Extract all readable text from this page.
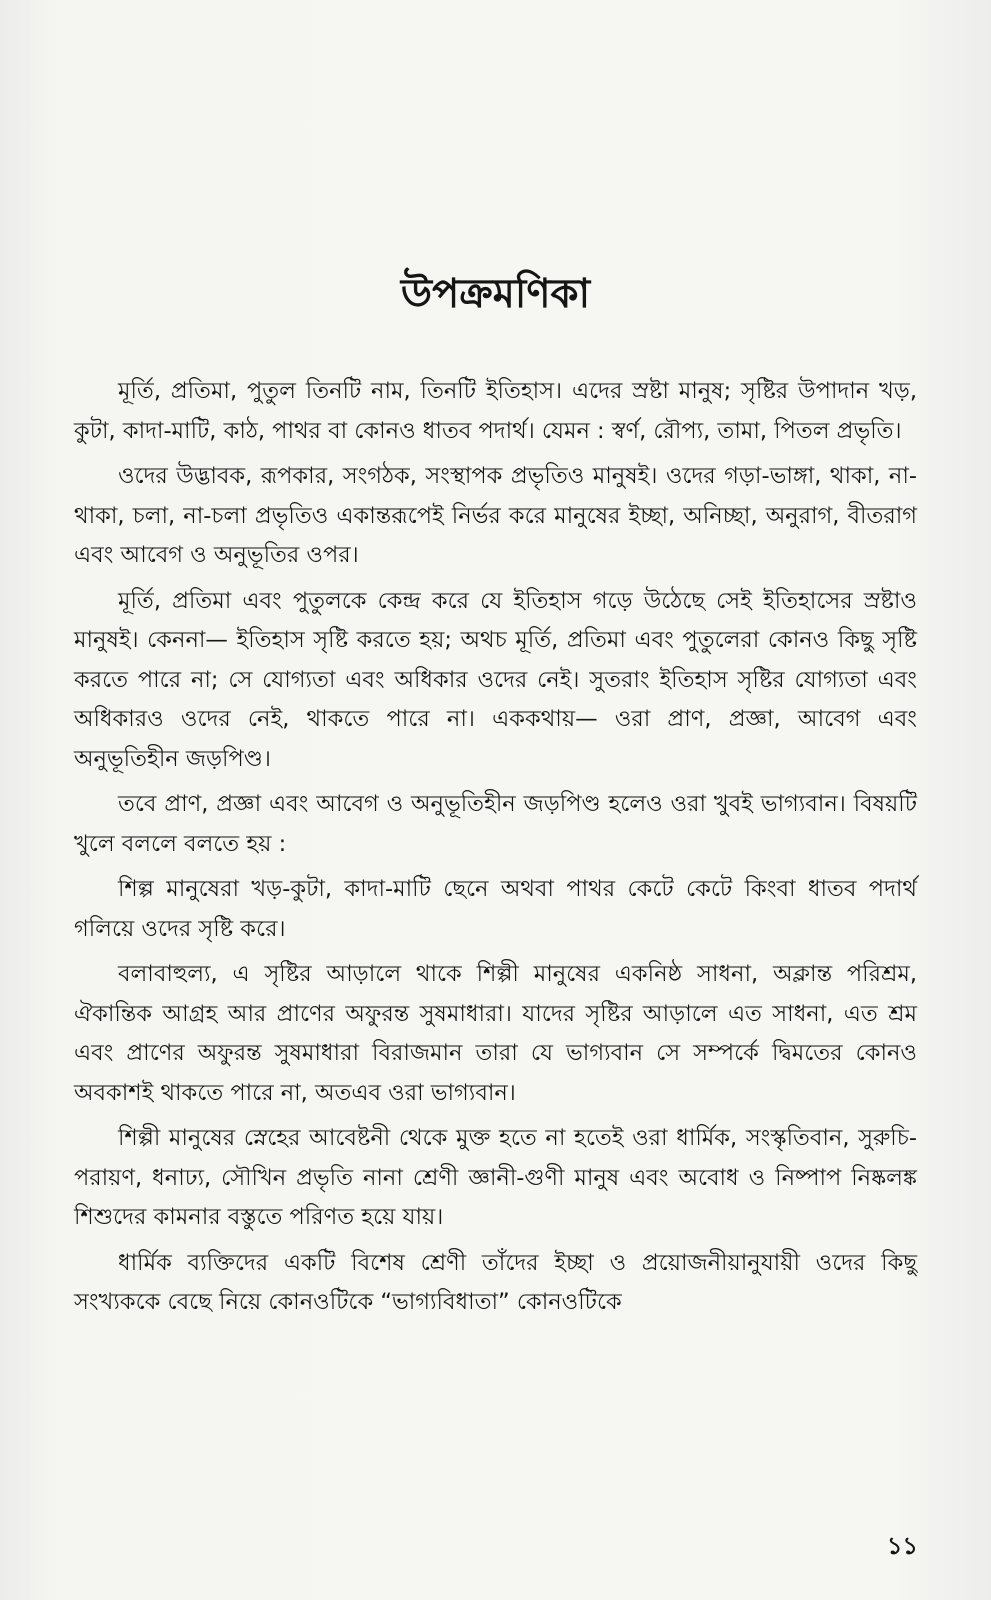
উপক্রমণিকা

মূর্তি, প্রতিমা, পুতুল তিনটি নাম, তিনটি ইতিহাস। এদের স্রষ্টা মানুষ; সৃষ্টির উপাদান খড়, কুটা, কাদা-মাটি, কাঠ, পাথর বা কোনও ধাতব পদার্থ। যেমন : স্বর্ণ, রৌপ্য, তামা, পিতল প্রভৃতি।

ওদের উদ্ভাবক, রূপকার, সংগঠক, সংস্থাপক প্রভৃতিও মানুষই। ওদের গড়া-ভাঙ্গা, থাকা, না-থাকা, চলা, না-চলা প্রভৃতিও একান্তরূপেই নির্ভর করে মানুষের ইচ্ছা, অনিচ্ছা, অনুরাগ, বীতরাগ এবং আবেগ ও অনুভূতির ওপর।

মূর্তি, প্রতিমা এবং পুতুলকে কেন্দ্র করে যে ইতিহাস গড়ে উঠেছে সেই ইতিহাসের স্রষ্টাও মানুষই। কেননা— ইতিহাস সৃষ্টি করতে হয়; অথচ মূর্তি, প্রতিমা এবং পুতুলেরা কোনও কিছু সৃষ্টি করতে পারে না; সে যোগ্যতা এবং অধিকার ওদের নেই। সুতরাং ইতিহাস সৃষ্টির যোগ্যতা এবং অধিকারও ওদের নেই, থাকতে পারে না। এককথায়— ওরা প্রাণ, প্রজ্ঞা, আবেগ এবং অনুভূতিহীন জড়পিণ্ড।

তবে প্রাণ, প্রজ্ঞা এবং আবেগ ও অনুভূতিহীন জড়পিণ্ড হলেও ওরা খুবই ভাগ্যবান। বিষয়টি খুলে বললে বলতে হয় :

শিল্প মানুষেরা খড়-কুটা, কাদা-মাটি ছেনে অথবা পাথর কেটে কেটে কিংবা ধাতব পদার্থ গলিয়ে ওদের সৃষ্টি করে।

বলাবাহুল্য, এ সৃষ্টির আড়ালে থাকে শিল্পী মানুষের একনিষ্ঠ সাধনা, অক্লান্ত পরিশ্রম, ঐকান্তিক আগ্রহ আর প্রাণের অফুরন্ত সুষমাধারা। যাদের সৃষ্টির আড়ালে এত সাধনা, এত শ্রম এবং প্রাণের অফুরন্ত সুষমাধারা বিরাজমান তারা যে ভাগ্যবান সে সম্পর্কে দ্বিমতের কোনও অবকাশই থাকতে পারে না, অতএব ওরা ভাগ্যবান।

শিল্পী মানুষের স্নেহের আবেষ্টনী থেকে মুক্ত হতে না হতেই ওরা ধার্মিক, সংস্কৃতিবান, সুরুচি-পরায়ণ, ধনাঢ্য, সৌখিন প্রভৃতি নানা শ্রেণী জ্ঞানী-গুণী মানুষ এবং অবোধ ও নিষ্পাপ নিষ্কলঙ্ক শিশুদের কামনার বস্তুতে পরিণত হয়ে যায়।

ধার্মিক ব্যক্তিদের একটি বিশেষ শ্রেণী তাঁদের ইচ্ছা ও প্রয়োজনীয়ানুযায়ী ওদের কিছু সংখ্যককে বেছে নিয়ে কোনওটিকে “ভাগ্যবিধাতা” কোনওটিকে

১১
